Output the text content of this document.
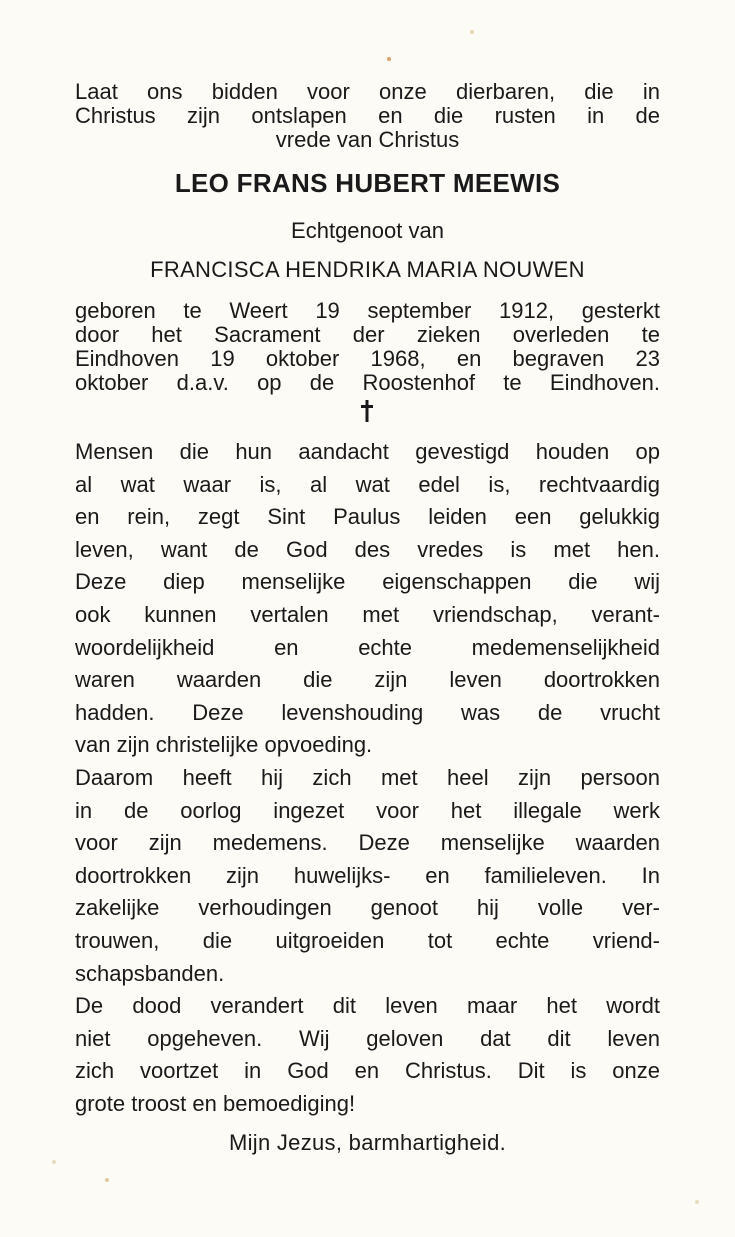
Laat ons bidden voor onze dierbaren, die in
Christus zijn ontslapen en die rusten in de
vrede van Christus
LEO FRANS HUBERT MEEWIS
Echtgenoot van
FRANCISCA HENDRIKA MARIA NOUWEN
geboren te Weert 19 september 1912, gesterkt
door het Sacrament der zieken overleden te
Eindhoven 19 oktober 1968, en begraven 23
oktober d.a.v. op de Roostenhof te Eindhoven.
Mensen die hun aandacht gevestigd houden op
al wat waar is, al wat edel is, rechtvaardig
en rein, zegt Sint Paulus leiden een gelukkig
leven, want de God des vredes is met hen.
Deze diep menselijke eigenschappen die wij
ook kunnen vertalen met vriendschap, verant-
woordelijkheid en echte medemenselijkheid
waren waarden die zijn leven doortrokken
hadden. Deze levenshouding was de vrucht
van zijn christelijke opvoeding.
Daarom heeft hij zich met heel zijn persoon
in de oorlog ingezet voor het illegale werk
voor zijn medemens. Deze menselijke waarden
doortrokken zijn huwelijks- en familieleven. In
zakelijke verhoudingen genoot hij volle ver-
trouwen, die uitgroeiden tot echte vriend-
schapsbanden.
De dood verandert dit leven maar het wordt
niet opgeheven. Wij geloven dat dit leven
zich voortzet in God en Christus. Dit is onze
grote troost en bemoediging!
Mijn Jezus, barmhartigheid.
